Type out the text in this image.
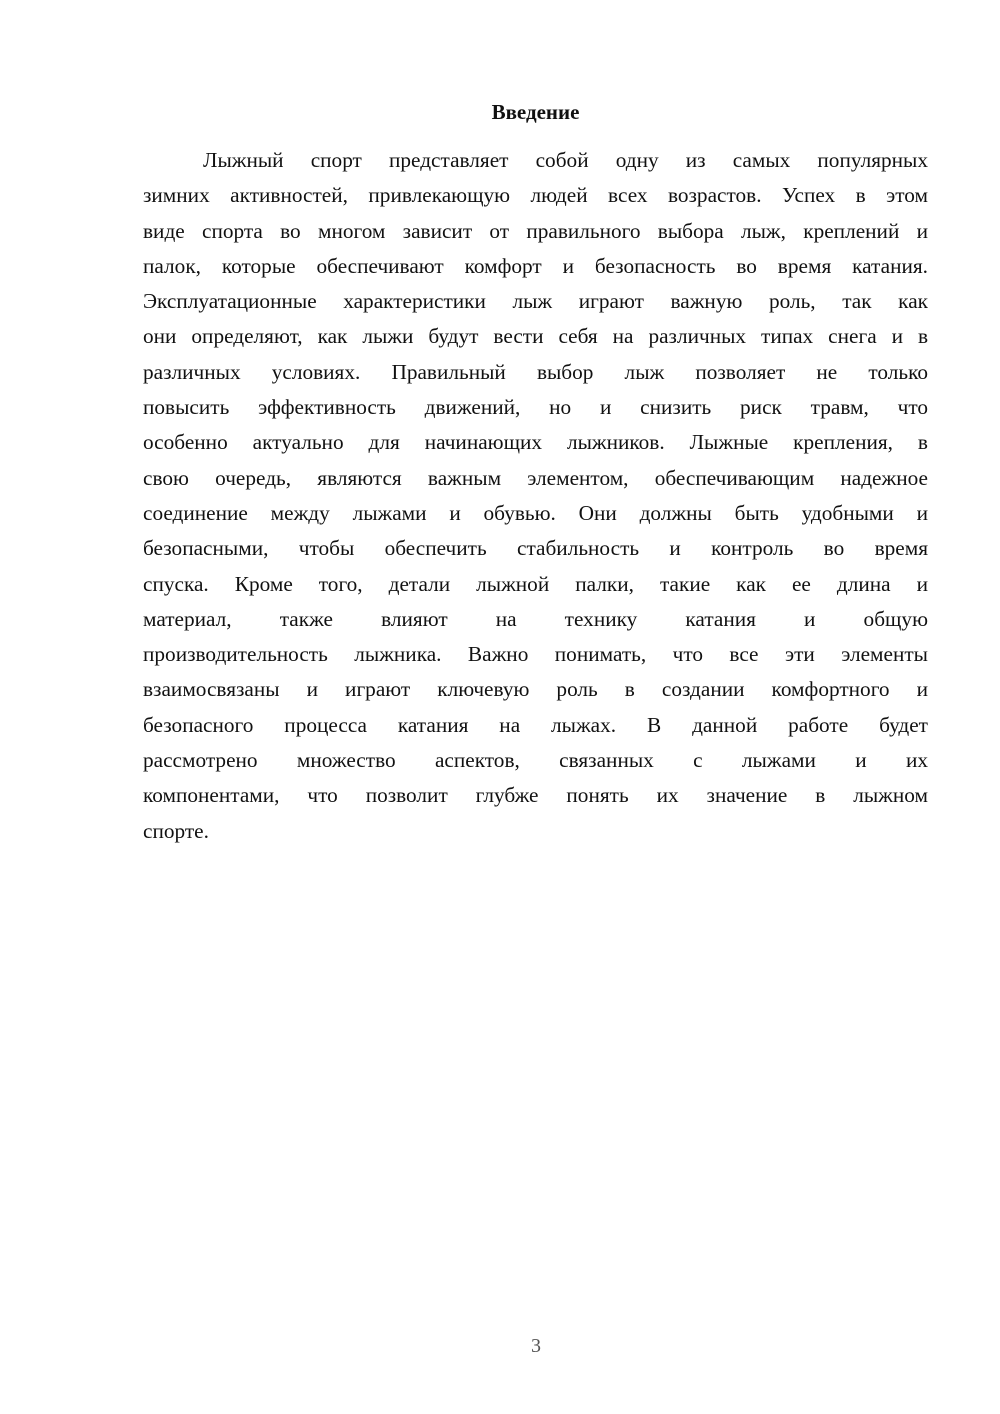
Введение
Лыжный спорт представляет собой одну из самых популярных
зимних активностей, привлекающую людей всех возрастов. Успех в этом
виде спорта во многом зависит от правильного выбора лыж, креплений и
палок, которые обеспечивают комфорт и безопасность во время катания.
Эксплуатационные характеристики лыж играют важную роль, так как
они определяют, как лыжи будут вести себя на различных типах снега и в
различных условиях. Правильный выбор лыж позволяет не только
повысить эффективность движений, но и снизить риск травм, что
особенно актуально для начинающих лыжников. Лыжные крепления, в
свою очередь, являются важным элементом, обеспечивающим надежное
соединение между лыжами и обувью. Они должны быть удобными и
безопасными, чтобы обеспечить стабильность и контроль во время
спуска. Кроме того, детали лыжной палки, такие как ее длина и
материал, также влияют на технику катания и общую
производительность лыжника. Важно понимать, что все эти элементы
взаимосвязаны и играют ключевую роль в создании комфортного и
безопасного процесса катания на лыжах. В данной работе будет
рассмотрено множество аспектов, связанных с лыжами и их
компонентами, что позволит глубже понять их значение в лыжном
спорте.
3
